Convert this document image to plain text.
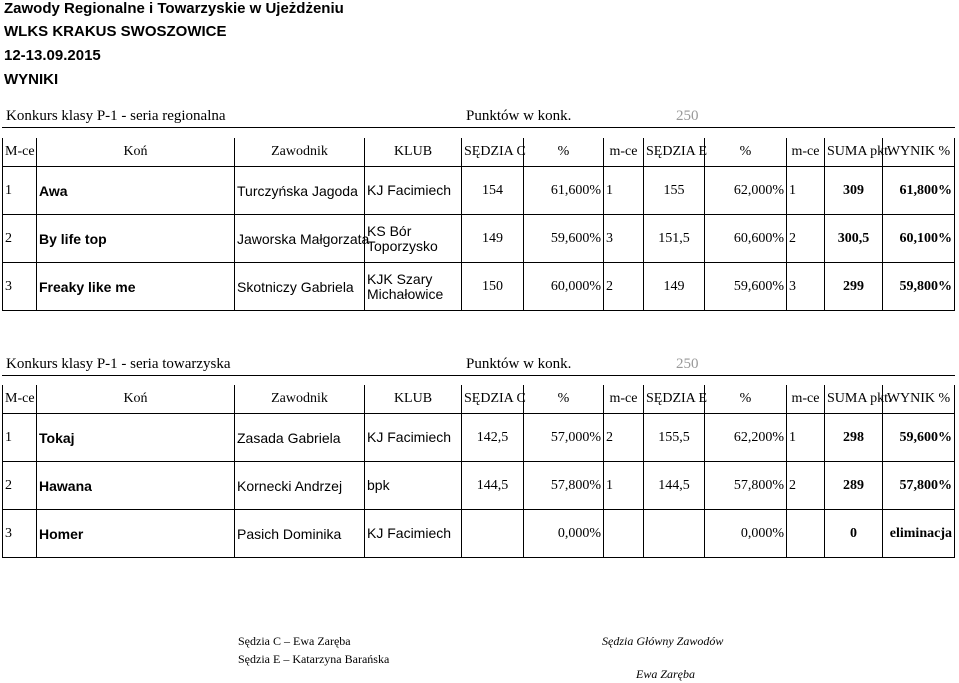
Zawody Regionalne i Towarzyskie w Ujeżdżeniu
WLKS KRAKUS SWOSZOWICE
12-13.09.2015
WYNIKI
Konkurs klasy P-1 - seria regionalna	Punktów w konk.	250
M-ce	Koń	Zawodnik	KLUB	SĘDZIA C	%	m-ce	SĘDZIA E	%	m-ce	SUMA pkt.	WYNIK %
1	Awa	Turczyńska Jagoda	KJ Facimiech	154	61,600%	1	155	62,000%	1	309	61,800%
2	By life top	Jaworska Małgorzata	KS Bór Toporzysko	149	59,600%	3	151,5	60,600%	2	300,5	60,100%
3	Freaky like me	Skotniczy Gabriela	KJK Szary Michałowice	150	60,000%	2	149	59,600%	3	299	59,800%
Konkurs klasy P-1 - seria towarzyska	Punktów w konk.	250
M-ce	Koń	Zawodnik	KLUB	SĘDZIA C	%	m-ce	SĘDZIA E	%	m-ce	SUMA pkt.	WYNIK %
1	Tokaj	Zasada Gabriela	KJ Facimiech	142,5	57,000%	2	155,5	62,200%	1	298	59,600%
2	Hawana	Kornecki Andrzej	bpk	144,5	57,800%	1	144,5	57,800%	2	289	57,800%
3	Homer	Pasich Dominika	KJ Facimiech		0,000%			0,000%		0	eliminacja
Sędzia C – Ewa Zaręba
Sędzia E – Katarzyna Barańska
Sędzia Główny Zawodów
Ewa Zaręba
